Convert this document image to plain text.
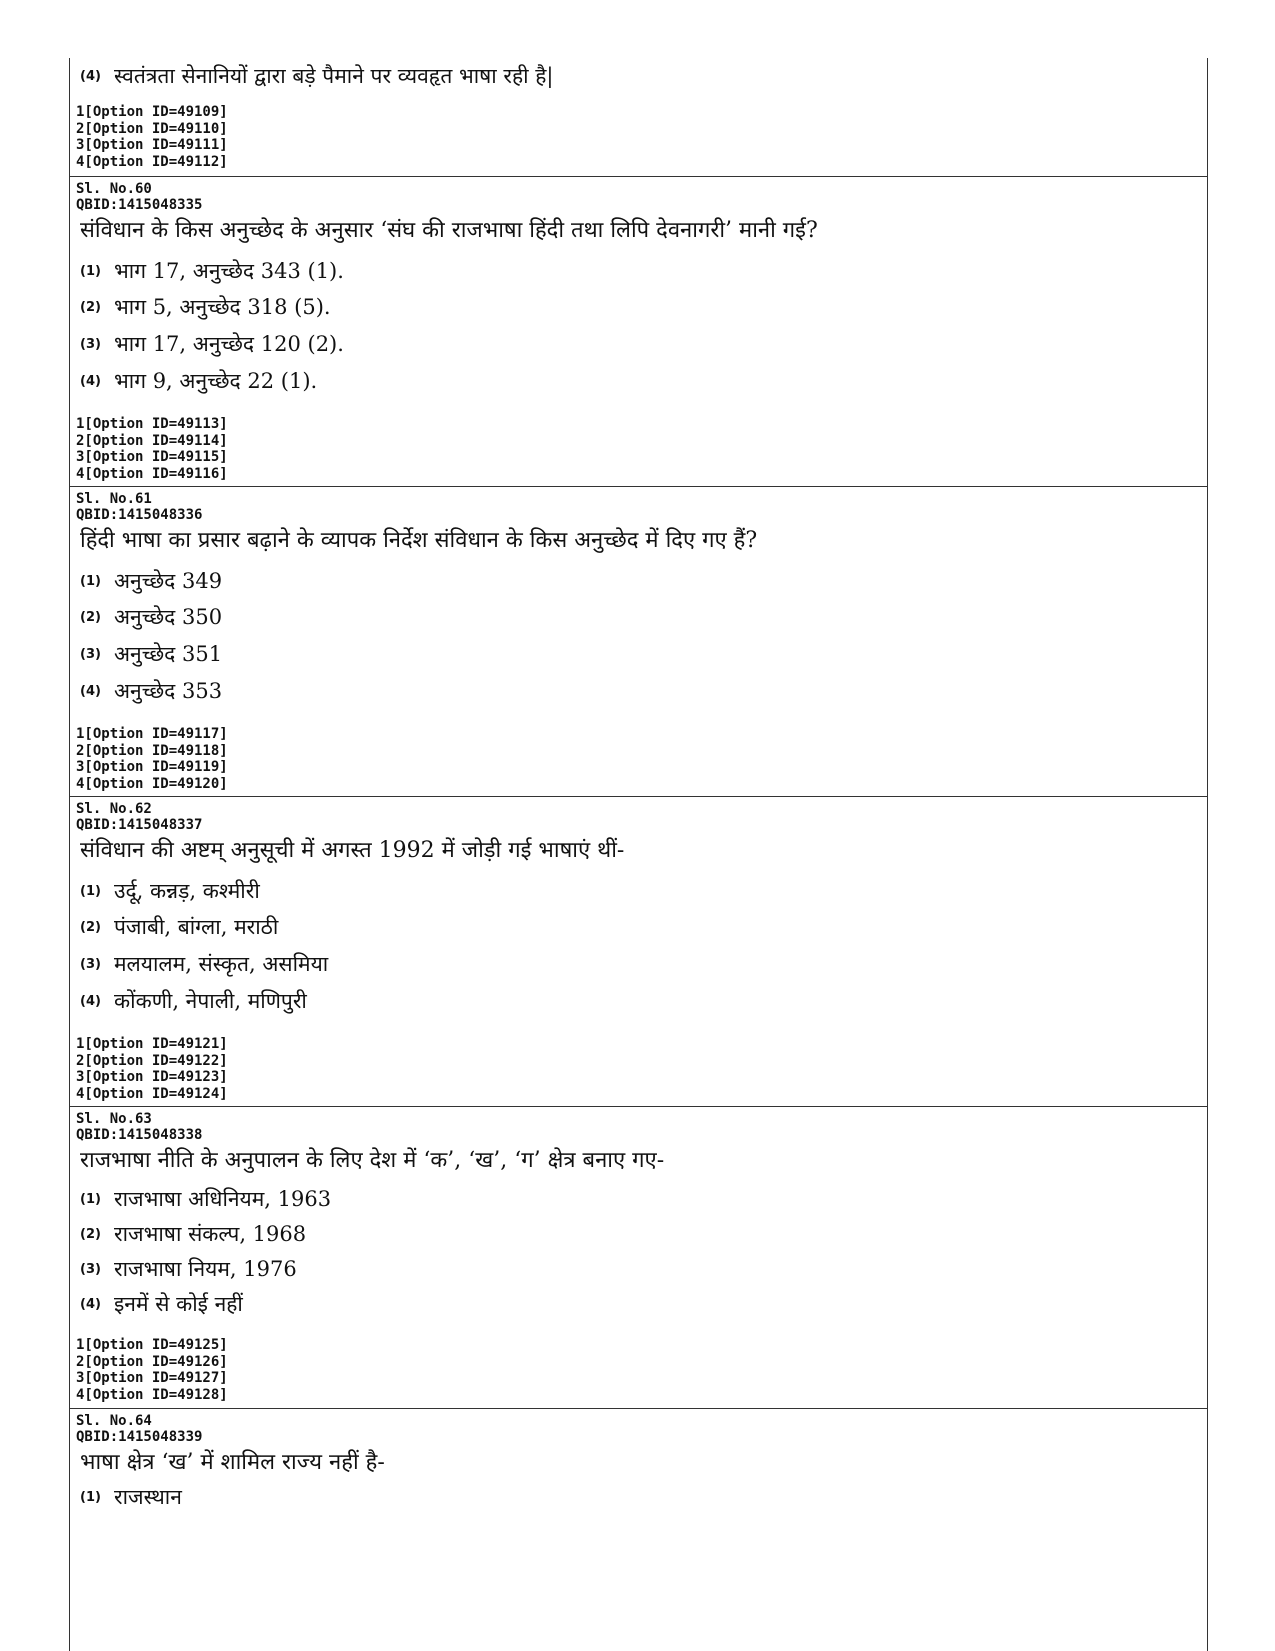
(4) स्वतंत्रता सेनानियों द्वारा बड़े पैमाने पर व्यवहृत भाषा रही है|
1[Option ID=49109]
2[Option ID=49110]
3[Option ID=49111]
4[Option ID=49112]
Sl. No.60
QBID:1415048335
संविधान के किस अनुच्छेद के अनुसार ‘संघ की राजभाषा हिंदी तथा लिपि देवनागरी’ मानी गई?
(1) भाग 17, अनुच्छेद 343 (1).
(2) भाग 5, अनुच्छेद 318 (5).
(3) भाग 17, अनुच्छेद 120 (2).
(4) भाग 9, अनुच्छेद 22 (1).
1[Option ID=49113]
2[Option ID=49114]
3[Option ID=49115]
4[Option ID=49116]
Sl. No.61
QBID:1415048336
हिंदी भाषा का प्रसार बढ़ाने के व्यापक निर्देश संविधान के किस अनुच्छेद में दिए गए हैं?
(1) अनुच्छेद 349
(2) अनुच्छेद 350
(3) अनुच्छेद 351
(4) अनुच्छेद 353
1[Option ID=49117]
2[Option ID=49118]
3[Option ID=49119]
4[Option ID=49120]
Sl. No.62
QBID:1415048337
संविधान की अष्टम् अनुसूची में अगस्त 1992 में जोड़ी गई भाषाएं थीं-
(1) उर्दू, कन्नड़, कश्मीरी
(2) पंजाबी, बांग्ला, मराठी
(3) मलयालम, संस्कृत, असमिया
(4) कोंकणी, नेपाली, मणिपुरी
1[Option ID=49121]
2[Option ID=49122]
3[Option ID=49123]
4[Option ID=49124]
Sl. No.63
QBID:1415048338
राजभाषा नीति के अनुपालन के लिए देश में ‘क’, ‘ख’, ‘ग’ क्षेत्र बनाए गए-
(1) राजभाषा अधिनियम, 1963
(2) राजभाषा संकल्प, 1968
(3) राजभाषा नियम, 1976
(4) इनमें से कोई नहीं
1[Option ID=49125]
2[Option ID=49126]
3[Option ID=49127]
4[Option ID=49128]
Sl. No.64
QBID:1415048339
भाषा क्षेत्र ‘ख’ में शामिल राज्य नहीं है-
(1) राजस्थान
